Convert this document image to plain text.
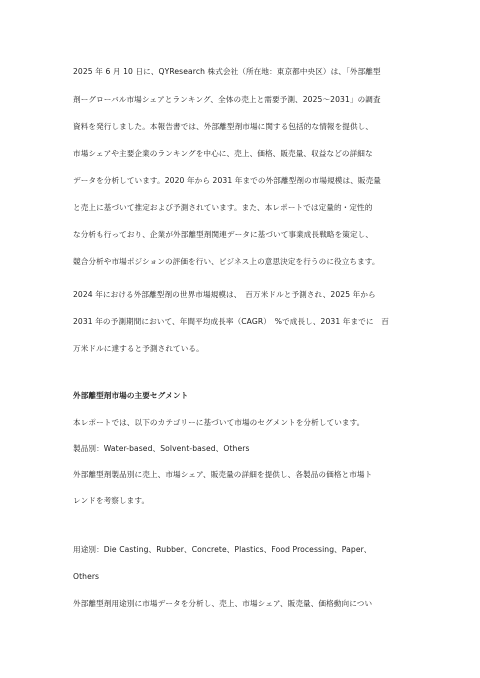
2025 年 6 月 10 日に、QYResearch 株式会社（所在地：東京都中央区）は、「外部離型
剤ーグローバル市場シェアとランキング、全体の売上と需要予測、2025～2031」の調査
資料を発行しました。本報告書では、外部離型剤市場に関する包括的な情報を提供し、
市場シェアや主要企業のランキングを中心に、売上、価格、販売量、収益などの詳細な
データを分析しています。2020 年から 2031 年までの外部離型剤の市場規模は、販売量
と売上に基づいて推定および予測されています。また、本レポートでは定量的・定性的
な分析も行っており、企業が外部離型剤関連データに基づいて事業成長戦略を策定し、
競合分析や市場ポジションの評価を行い、ビジネス上の意思決定を行うのに役立ちます。
2024 年における外部離型剤の世界市場規模は、　百万米ドルと予測され、2025 年から
2031 年の予測期間において、年間平均成長率（CAGR）　%で成長し、2031 年までに　百
万米ドルに達すると予測されている。
外部離型剤市場の主要セグメント
本レポートでは、以下のカテゴリーに基づいて市場のセグメントを分析しています。
製品別：Water-based、Solvent-based、Others
外部離型剤製品別に売上、市場シェア、販売量の詳細を提供し、各製品の価格と市場ト
レンドを考察します。
用途別：Die Casting、Rubber、Concrete、Plastics、Food Processing、Paper、
Others
外部離型剤用途別に市場データを分析し、売上、市場シェア、販売量、価格動向につい
